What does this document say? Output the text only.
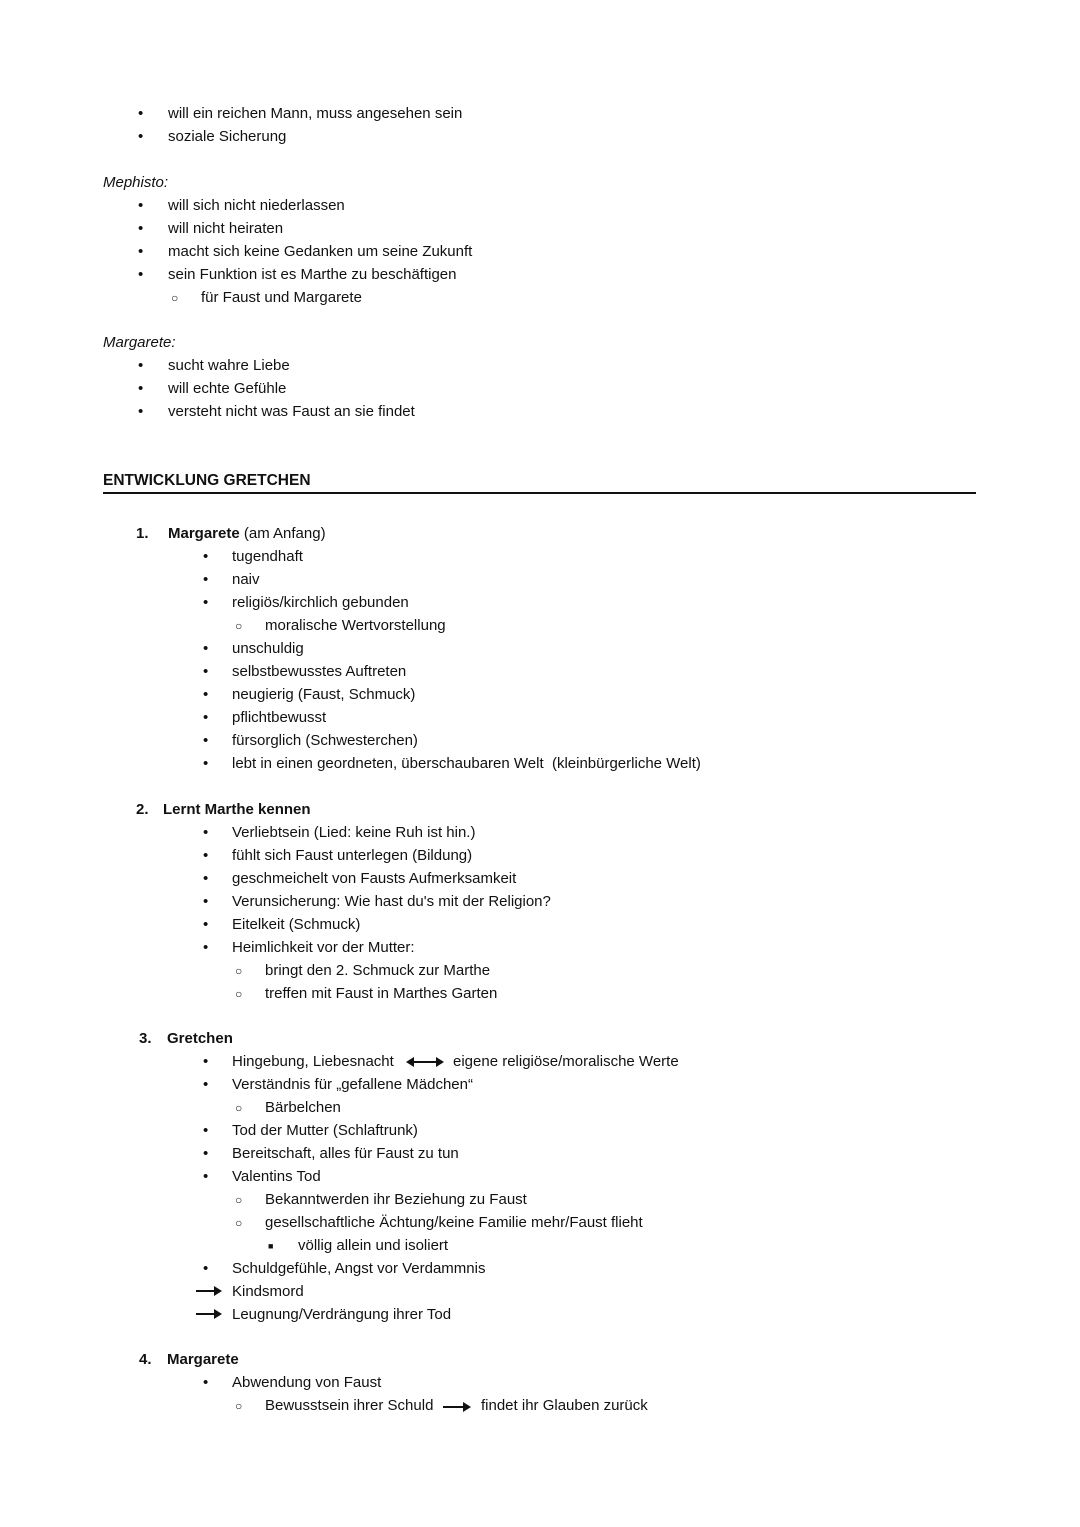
•
will ein reichen Mann, muss angesehen sein
•
soziale Sicherung
Mephisto:
•
will sich nicht niederlassen
•
will nicht heiraten
•
macht sich keine Gedanken um seine Zukunft
•
sein Funktion ist es Marthe zu beschäftigen
○
für Faust und Margarete
Margarete:
•
sucht wahre Liebe
•
will echte Gefühle
•
versteht nicht was Faust an sie findet
ENTWICKLUNG GRETCHEN
1. Margarete (am Anfang)
•
tugendhaft
•
naiv
•
religiös/kirchlich gebunden
○
moralische Wertvorstellung
•
unschuldig
•
selbstbewusstes Auftreten
•
neugierig (Faust, Schmuck)
•
pflichtbewusst
•
fürsorglich (Schwesterchen)
•
lebt in einen geordneten, überschaubaren Welt  (kleinbürgerliche Welt)
2. Lernt Marthe kennen
•
Verliebtsein (Lied: keine Ruh ist hin.)
•
fühlt sich Faust unterlegen (Bildung)
•
geschmeichelt von Fausts Aufmerksamkeit
•
Verunsicherung: Wie hast du's mit der Religion?
•
Eitelkeit (Schmuck)
•
Heimlichkeit vor der Mutter:
○
bringt den 2. Schmuck zur Marthe
○
treffen mit Faust in Marthes Garten
3. Gretchen
•
Hingebung, Liebesnacht	eigene religiöse/moralische Werte
•
Verständnis für „gefallene Mädchen“
○
Bärbelchen
•
Tod der Mutter (Schlaftrunk)
•
Bereitschaft, alles für Faust zu tun
•
Valentins Tod
○
Bekanntwerden ihr Beziehung zu Faust
○
gesellschaftliche Ächtung/keine Familie mehr/Faust flieht
■
völlig allein und isoliert
•
Schuldgefühle, Angst vor Verdammnis
Kindsmord
Leugnung/Verdrängung ihrer Tod
4. Margarete
•
Abwendung von Faust
○
Bewusstsein ihrer Schuld	findet ihr Glauben zurück
